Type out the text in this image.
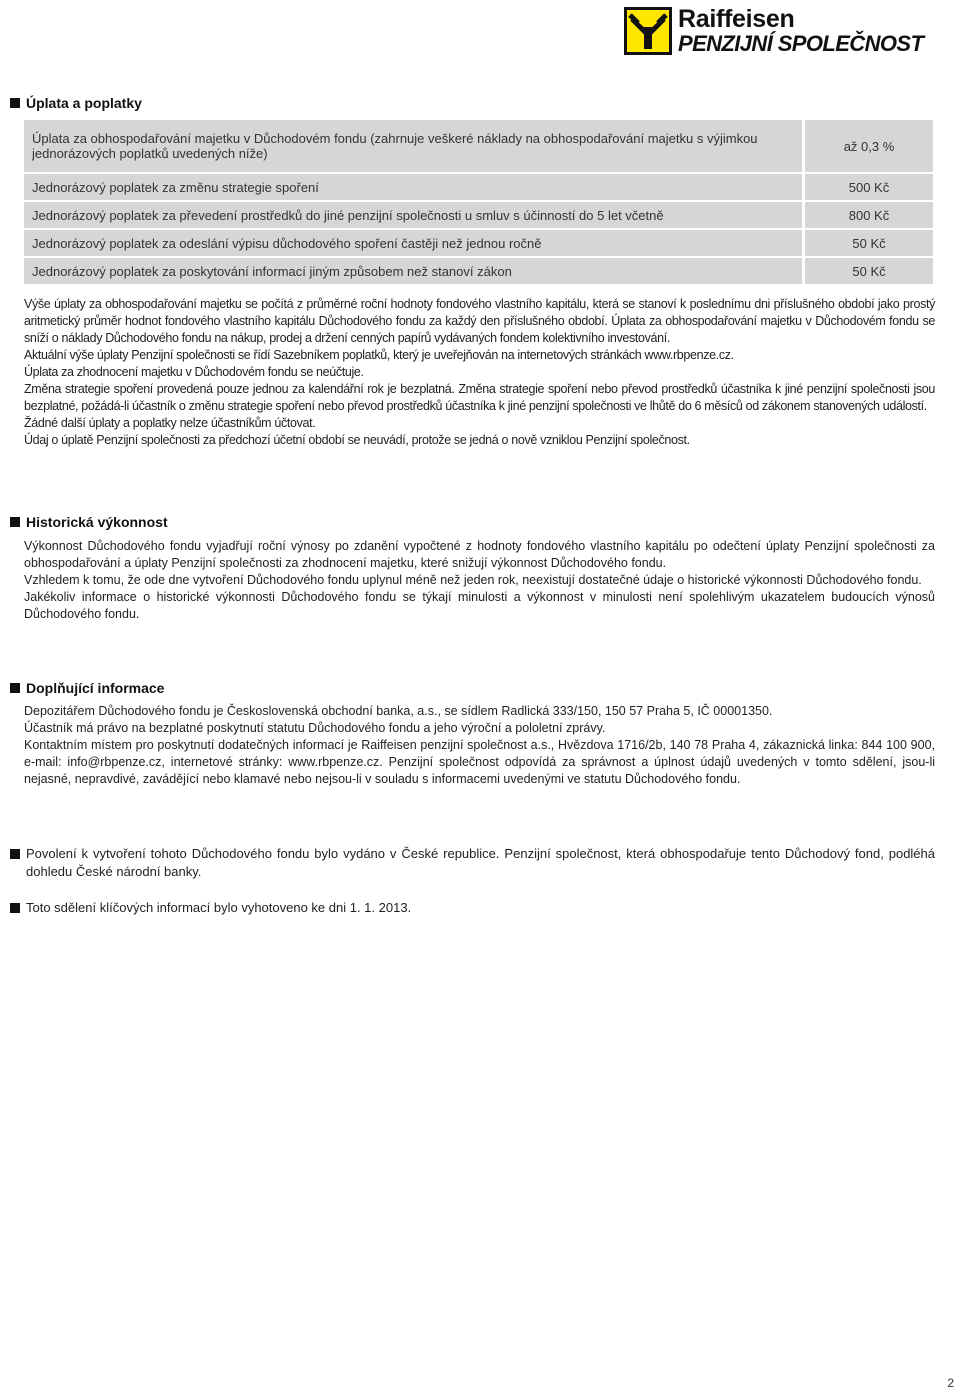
Raiffeisen
PENZIJNÍ SPOLEČNOST
Úplata a poplatky
Úplata za obhospodařování majetku v Důchodovém fondu (zahrnuje veškeré náklady na obhospodařování majetku s výjimkou jednorázových poplatků uvedených níže)	až 0,3 %
Jednorázový poplatek za změnu strategie spoření	500 Kč
Jednorázový poplatek za převedení prostředků do jiné penzijní společnosti u smluv s účinností do 5 let včetně	800 Kč
Jednorázový poplatek za odeslání výpisu důchodového spoření častěji než jednou ročně	50 Kč
Jednorázový poplatek za poskytování informací jiným způsobem než stanoví zákon	50 Kč

Výše úplaty za obhospodařování majetku se počítá z průměrné roční hodnoty fondového vlastního kapitálu, která se stanoví k poslednímu dni příslušného období jako prostý aritmetický průměr hodnot fondového vlastního kapitálu Důchodového fondu za každý den příslušného období. Úplata za obhospodařování majetku v Důchodovém fondu se sníží o náklady Důchodového fondu na nákup, prodej a držení cenných papírů vydávaných fondem kolektivního investování.

Aktuální výše úplaty Penzijní společnosti se řídí Sazebníkem poplatků, který je uveřejňován na internetových stránkách www.rbpenze.cz.

Úplata za zhodnocení majetku v Důchodovém fondu se neúčtuje.

Změna strategie spoření provedená pouze jednou za kalendářní rok je bezplatná. Změna strategie spoření nebo převod prostředků účastníka k jiné penzijní společnosti jsou bezplatné, požádá-li účastník o změnu strategie spoření nebo převod prostředků účastníka k jiné penzijní společnosti ve lhůtě do 6 měsíců od zákonem stanovených událostí.

Žádné další úplaty a poplatky nelze účastníkům účtovat.

Údaj o úplatě Penzijní společnosti za předchozí účetní období se neuvádí, protože se jedná o nově vzniklou Penzijní společnost.

Historická výkonnost

Výkonnost Důchodového fondu vyjadřují roční výnosy po zdanění vypočtené z hodnoty fondového vlastního kapitálu po odečtení úplaty Penzijní společnosti za obhospodařování a úplaty Penzijní společnosti za zhodnocení majetku, které snižují výkonnost Důchodového fondu.

Vzhledem k tomu, že ode dne vytvoření Důchodového fondu uplynul méně než jeden rok, neexistují dostatečné údaje o historické výkonnosti Důchodového fondu.

Jakékoliv informace o historické výkonnosti Důchodového fondu se týkají minulosti a výkonnost v minulosti není spolehlivým ukazatelem budoucích výnosů Důchodového fondu.

Doplňující informace

Depozitářem Důchodového fondu je Československá obchodní banka, a.s., se sídlem Radlická 333/150, 150 57 Praha 5, IČ 00001350.

Účastník má právo na bezplatné poskytnutí statutu Důchodového fondu a jeho výroční a pololetní zprávy.

Kontaktním místem pro poskytnutí dodatečných informací je Raiffeisen penzijní společnost a.s., Hvězdova 1716/2b, 140 78 Praha 4, zákaznická linka: 844 100 900, e-mail: info@rbpenze.cz, internetové stránky: www.rbpenze.cz. Penzijní společnost odpovídá za správnost a úplnost údajů uvedených v tomto sdělení, jsou-li nejasné, nepravdivé, zavádějící nebo klamavé nebo nejsou-li v souladu s informacemi uvedenými ve statutu Důchodového fondu.

Povolení k vytvoření tohoto Důchodového fondu bylo vydáno v České republice. Penzijní společnost, která obhospodařuje tento Důchodový fond, podléhá dohledu České národní banky.
Toto sdělení klíčových informací bylo vyhotoveno ke dni 1. 1. 2013.
2
